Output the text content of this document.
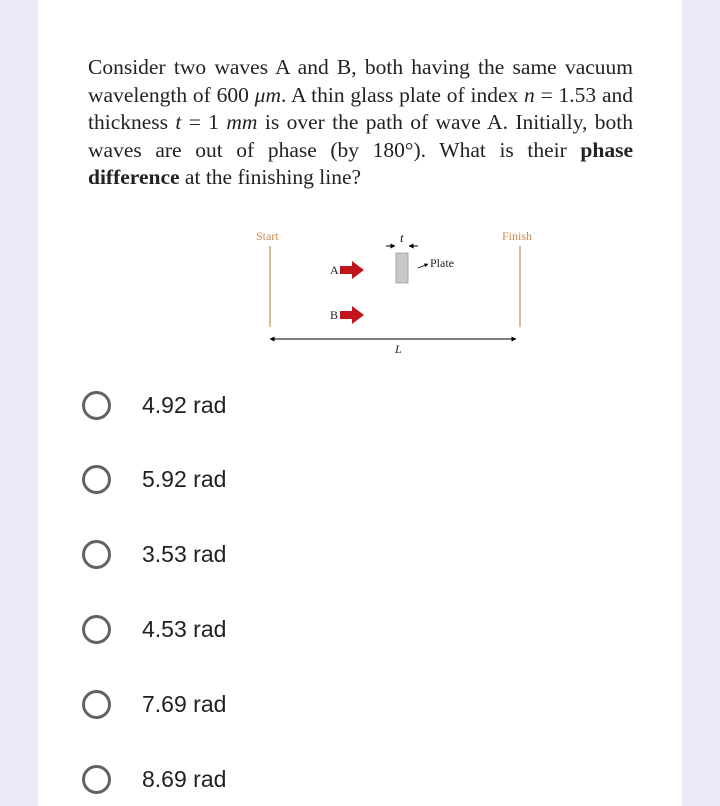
Consider two waves A and B, both having the same vacuum wavelength of 600 μm. A thin glass plate of index n = 1.53 and thickness t = 1 mm is over the path of wave A. Initially, both waves are out of phase (by 180°). What is their phase difference at the finishing line?

Start	Finish
A
B
t
Plate
L
4.92 rad
5.92 rad
3.53 rad
4.53 rad
7.69 rad
8.69 rad
